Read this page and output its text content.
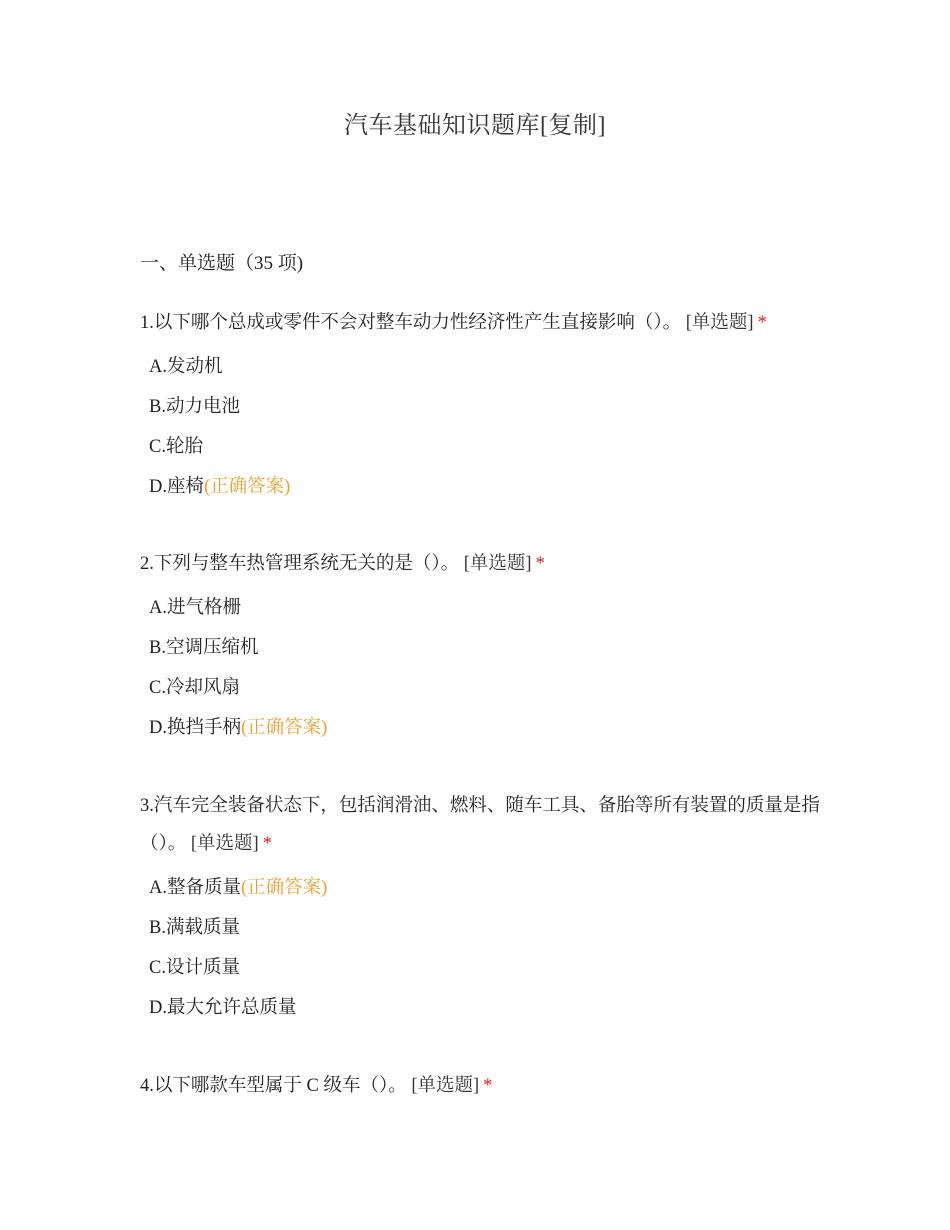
汽车基础知识题库[复制]
一、单选题（35 项)

1.以下哪个总成或零件不会对整车动力性经济性产生直接影响（）。 [单选题] *

A.发动机
B.动力电池
C.轮胎
D.座椅(正确答案)

2.下列与整车热管理系统无关的是（）。 [单选题] *

A.进气格栅
B.空调压缩机
C.冷却风扇
D.换挡手柄(正确答案)

3.汽车完全装备状态下，包括润滑油、燃料、随车工具、备胎等所有装置的质量是指（）。 [单选题] *

A.整备质量(正确答案)
B.满载质量
C.设计质量
D.最大允许总质量

4.以下哪款车型属于 C 级车（）。 [单选题] *
